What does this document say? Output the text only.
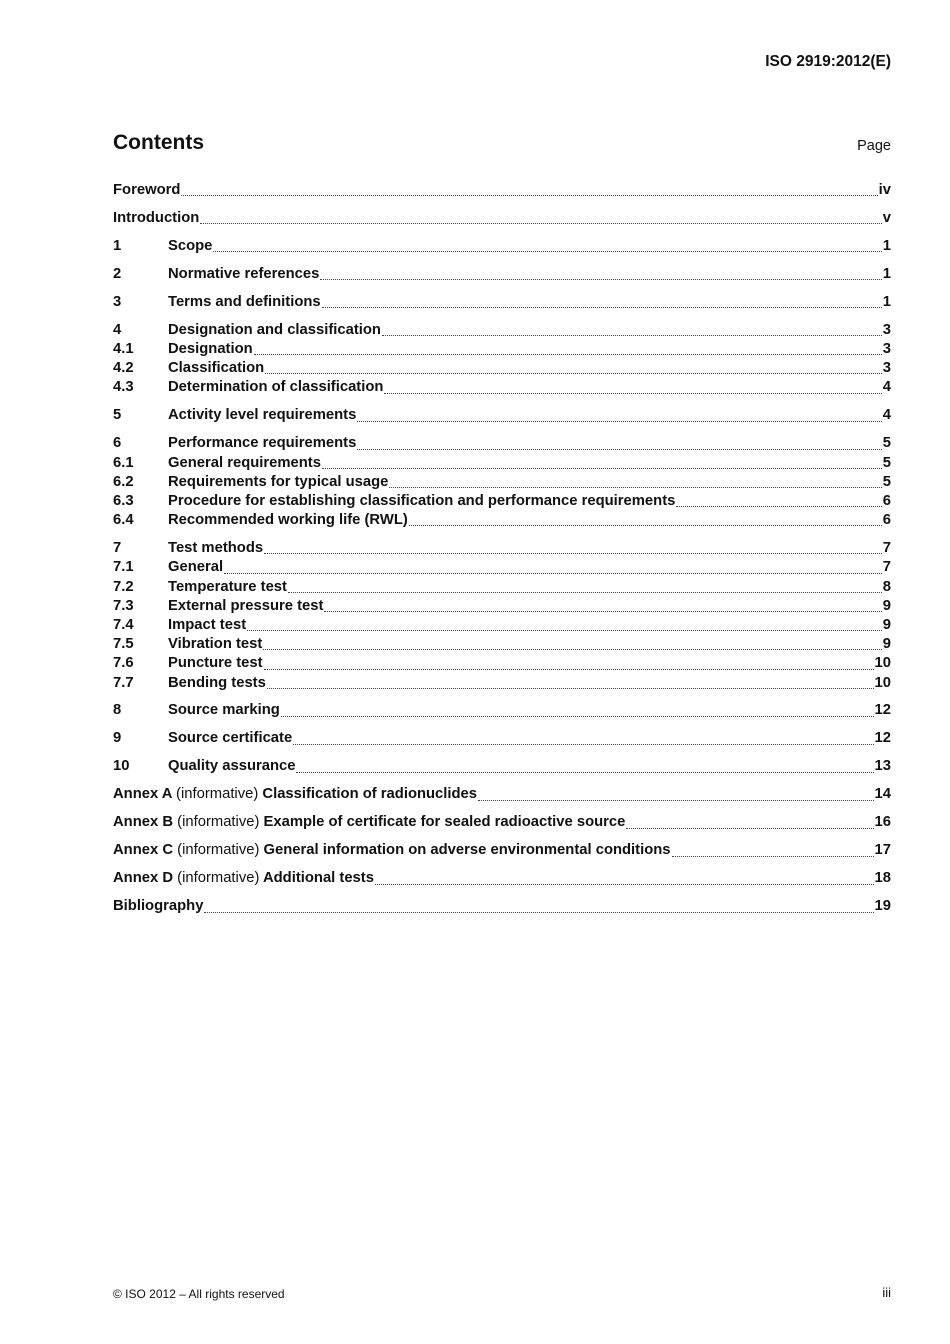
ISO 2919:2012(E)
Contents	Page
Foreword	iv
Introduction	v
1	Scope	1
2	Normative references	1
3	Terms and definitions	1
4	Designation and classification	3
4.1	Designation	3
4.2	Classification	3
4.3	Determination of classification	4
5	Activity level requirements	4
6	Performance requirements	5
6.1	General requirements	5
6.2	Requirements for typical usage	5
6.3	Procedure for establishing classification and performance requirements	6
6.4	Recommended working life (RWL)	6
7	Test methods	7
7.1	General	7
7.2	Temperature test	8
7.3	External pressure test	9
7.4	Impact test	9
7.5	Vibration test	9
7.6	Puncture test	10
7.7	Bending tests	10
8	Source marking	12
9	Source certificate	12
10	Quality assurance	13
Annex A (informative) Classification of radionuclides	14
Annex B (informative) Example of certificate for sealed radioactive source	16
Annex C (informative) General information on adverse environmental conditions	17
Annex D (informative) Additional tests	18
Bibliography	19
© ISO 2012 – All rights reserved	iii
